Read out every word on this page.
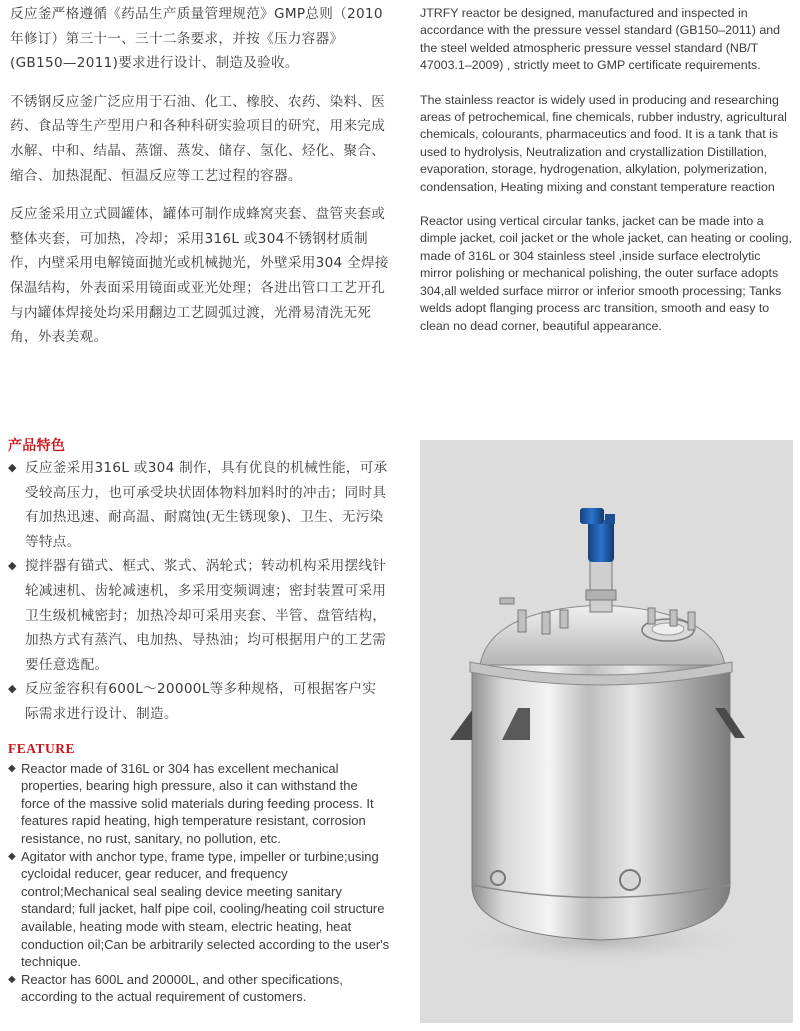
反应釜严格遵循《药品生产质量管理规范》GMP总则（2010年修订）第三十一、三十二条要求，并按《压力容器》(GB150—2011)要求进行设计、制造及验收。

不锈钢反应釜广泛应用于石油、化工、橡胶、农药、染料、医药、食品等生产型用户和各种科研实验项目的研究，用来完成水解、中和、结晶、蒸馏、蒸发、储存、氢化、烃化、聚合、缩合、加热混配、恒温反应等工艺过程的容器。

反应釜采用立式圆罐体，罐体可制作成蜂窝夹套、盘管夹套或整体夹套，可加热，冷却；采用316L 或304不锈钢材质制作，内壁采用电解镜面抛光或机械抛光，外壁采用304 全焊接保温结构，外表面采用镜面或亚光处理；各进出管口工艺开孔与内罐体焊接处均采用翻边工艺圆弧过渡，光滑易清洗无死角，外表美观。

JTRFY reactor be designed, manufactured and inspected in accordance with the pressure vessel standard (GB150–2011) and the steel welded atmospheric pressure vessel standard (NB/T 47003.1–2009) , strictly meet to GMP certificate requirements.

The stainless reactor is widely used in producing and researching areas of petrochemical, fine chemicals, rubber industry, agricultural chemicals, colourants, pharmaceutics and food. It is a tank that is used to hydrolysis, Neutralization and crystallization Distillation, evaporation, storage, hydrogenation, alkylation, polymerization, condensation, Heating mixing and constant temperature reaction

Reactor using vertical circular tanks, jacket can be made into a dimple jacket, coil jacket or the whole jacket, can heating or cooling, made of 316L or 304 stainless steel ,inside surface electrolytic mirror polishing or mechanical polishing, the outer surface adopts 304,all welded surface mirror or inferior smooth processing; Tanks welds adopt flanging process arc transition, smooth and easy to clean no dead corner, beautiful appearance.

产品特色
◆ 反应釜采用316L 或304 制作，具有优良的机械性能，可承受较高压力，也可承受块状固体物料加料时的冲击；同时具有加热迅速、耐高温、耐腐蚀(无生锈现象)、卫生、无污染等特点。
◆ 搅拌器有锚式、框式、浆式、涡轮式；转动机构采用摆线针轮减速机、齿轮减速机，多采用变频调速；密封装置可采用卫生级机械密封；加热冷却可采用夹套、半管、盘管结构，加热方式有蒸汽、电加热、导热油；均可根据用户的工艺需要任意选配。
◆ 反应釜容积有600L～20000L等多种规格，可根据客户实际需求进行设计、制造。
FEATURE
◆ Reactor made of 316L or 304 has excellent mechanical properties, bearing high pressure, also it can withstand the force of the massive solid materials during feeding process. It features rapid heating, high temperature resistant, corrosion resistance, no rust, sanitary, no pollution, etc.
◆ Agitator with anchor type, frame type, impeller or turbine;using cycloidal reducer, gear reducer, and frequency control;Mechanical seal sealing device meeting sanitary standard; full jacket, half pipe coil, cooling/heating coil structure available, heating mode with steam, electric heating, heat conduction oil;Can be arbitrarily selected according to the user's technique.
◆ Reactor has 600L and 20000L, and other specifications, according to the actual requirement of customers.
